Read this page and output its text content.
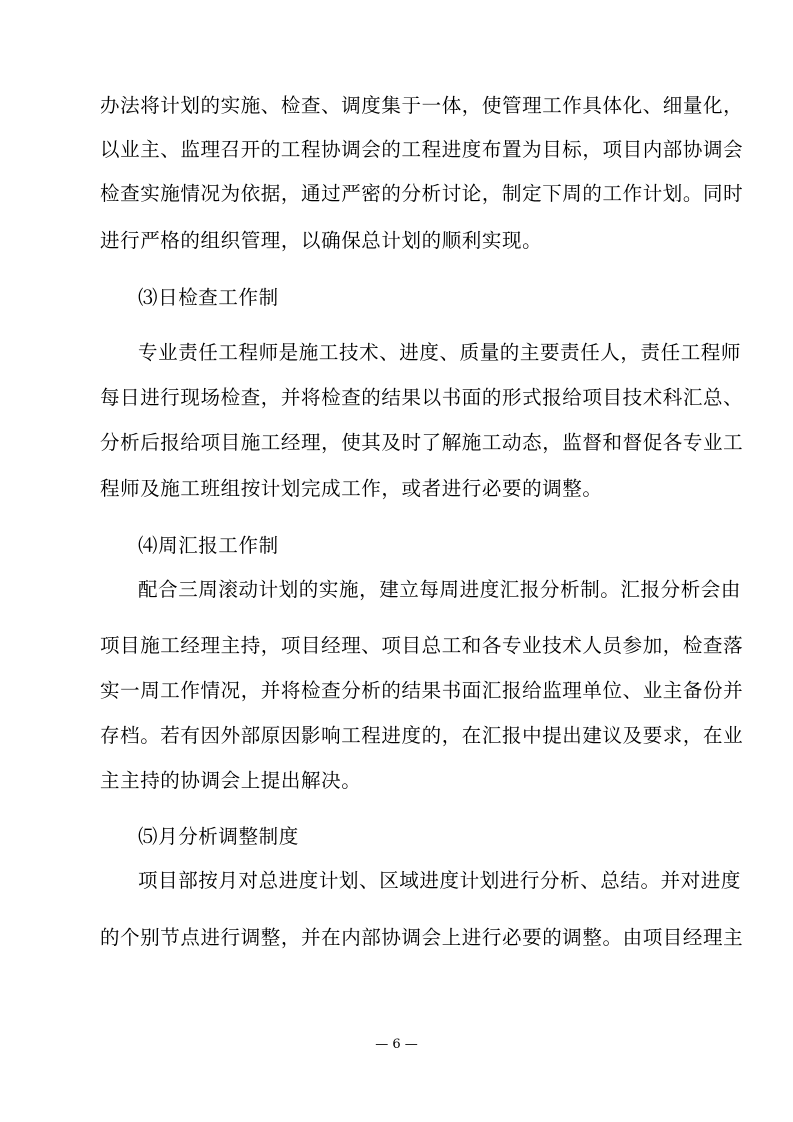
办法将计划的实施、检查、调度集于一体，使管理工作具体化、细量化，
以业主、监理召开的工程协调会的工程进度布置为目标，项目内部协调会
检查实施情况为依据，通过严密的分析讨论，制定下周的工作计划。同时
进行严格的组织管理，以确保总计划的顺利实现。
⑶日检查工作制
专业责任工程师是施工技术、进度、质量的主要责任人，责任工程师
每日进行现场检查，并将检查的结果以书面的形式报给项目技术科汇总、
分析后报给项目施工经理，使其及时了解施工动态，监督和督促各专业工
程师及施工班组按计划完成工作，或者进行必要的调整。
⑷周汇报工作制
配合三周滚动计划的实施，建立每周进度汇报分析制。汇报分析会由
项目施工经理主持，项目经理、项目总工和各专业技术人员参加，检查落
实一周工作情况，并将检查分析的结果书面汇报给监理单位、业主备份并
存档。若有因外部原因影响工程进度的，在汇报中提出建议及要求，在业
主主持的协调会上提出解决。
⑸月分析调整制度
项目部按月对总进度计划、区域进度计划进行分析、总结。并对进度
的个别节点进行调整，并在内部协调会上进行必要的调整。由项目经理主
— 6 —
